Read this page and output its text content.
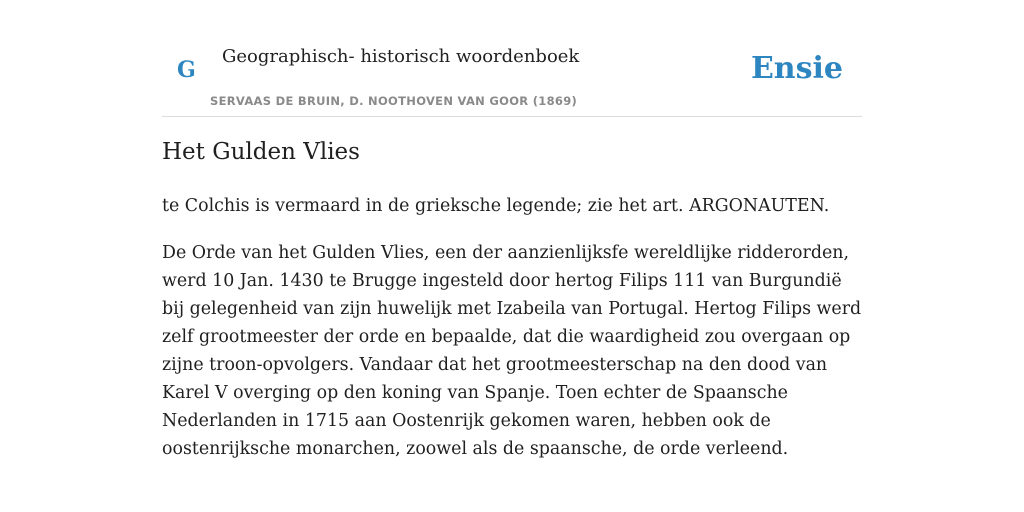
G
Geographisch- historisch woordenboek
SERVAAS DE BRUIN, D. NOOTHOVEN VAN GOOR (1869)
Ensie
Het Gulden Vlies

te Colchis is vermaard in de grieksche legende; zie het art. ARGONAUTEN.

De Orde van het Gulden Vlies, een der aanzienlijksfe wereldlijke ridderorden, werd 10 Jan. 1430 te Brugge ingesteld door hertog Filips 111 van Burgundië bij gelegenheid van zijn huwelijk met Izabeila van Portugal. Hertog Filips werd zelf grootmeester der orde en bepaalde, dat die waardigheid zou overgaan op zijne troon-opvolgers. Vandaar dat het grootmeesterschap na den dood van Karel V overging op den koning van Spanje. Toen echter de Spaansche Nederlanden in 1715 aan Oostenrijk gekomen waren, hebben ook de oostenrijksche monarchen, zoowel als de spaansche, de orde verleend.
